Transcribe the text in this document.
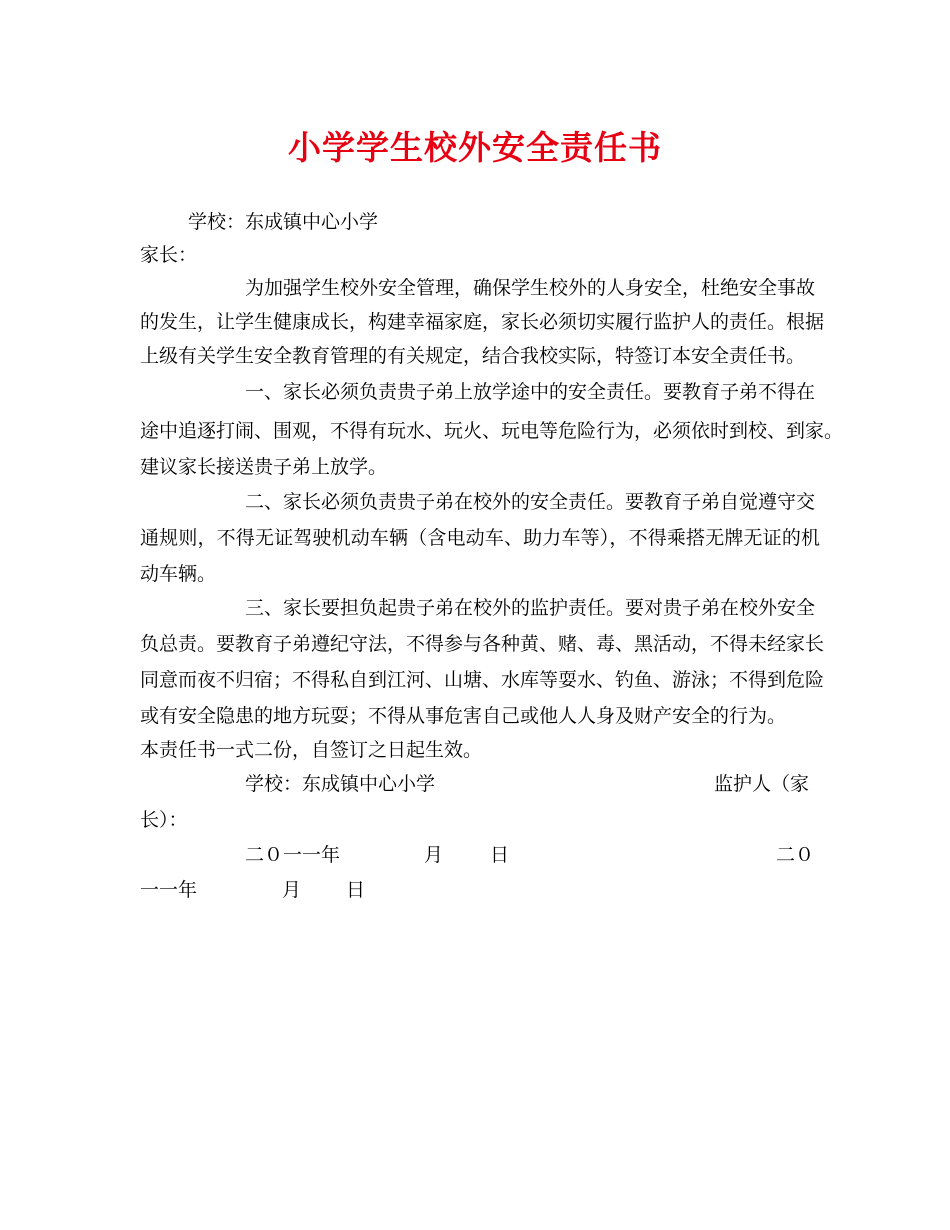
小学学生校外安全责任书
学校：东成镇中心小学
家长：
为加强学生校外安全管理，确保学生校外的人身安全，杜绝安全事故
的发生，让学生健康成长，构建幸福家庭，家长必须切实履行监护人的责任。根据
上级有关学生安全教育管理的有关规定，结合我校实际，特签订本安全责任书。
一、家长必须负责贵子弟上放学途中的安全责任。要教育子弟不得在
途中追逐打闹、围观，不得有玩水、玩火、玩电等危险行为，必须依时到校、到家。
建议家长接送贵子弟上放学。
二、家长必须负责贵子弟在校外的安全责任。要教育子弟自觉遵守交
通规则，不得无证驾驶机动车辆（含电动车、助力车等），不得乘搭无牌无证的机
动车辆。
三、家长要担负起贵子弟在校外的监护责任。要对贵子弟在校外安全
负总责。要教育子弟遵纪守法，不得参与各种黄、赌、毒、黑活动，不得未经家长
同意而夜不归宿；不得私自到江河、山塘、水库等耍水、钓鱼、游泳；不得到危险
或有安全隐患的地方玩耍；不得从事危害自己或他人人身及财产安全的行为。
本责任书一式二份，自签订之日起生效。
学校：东成镇中心小学	监护人（家
长）：
二０一一年	月 日	二０
一一年	月 日
